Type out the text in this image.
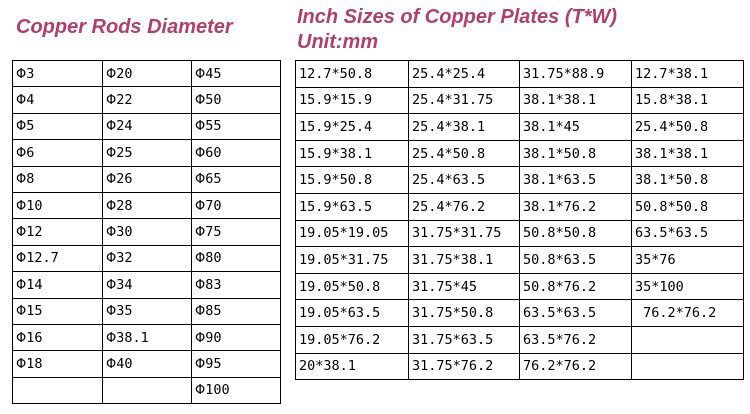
Copper Rods Diameter	Inch Sizes of Copper Plates (T*W)
Unit:mm
Φ3	Φ20	Φ45
Φ4	Φ22	Φ50
Φ5	Φ24	Φ55
Φ6	Φ25	Φ60
Φ8	Φ26	Φ65
Φ10	Φ28	Φ70
Φ12	Φ30	Φ75
Φ12.7	Φ32	Φ80
Φ14	Φ34	Φ83
Φ15	Φ35	Φ85
Φ16	Φ38.1	Φ90
Φ18	Φ40	Φ95
		Φ100
12.7*50.8	25.4*25.4	31.75*88.9	12.7*38.1
15.9*15.9	25.4*31.75	38.1*38.1	15.8*38.1
15.9*25.4	25.4*38.1	38.1*45	25.4*50.8
15.9*38.1	25.4*50.8	38.1*50.8	38.1*38.1
15.9*50.8	25.4*63.5	38.1*63.5	38.1*50.8
15.9*63.5	25.4*76.2	38.1*76.2	50.8*50.8
19.05*19.05	31.75*31.75	50.8*50.8	63.5*63.5
19.05*31.75	31.75*38.1	50.8*63.5	35*76
19.05*50.8	31.75*45	50.8*76.2	35*100
19.05*63.5	31.75*50.8	63.5*63.5	76.2*76.2
19.05*76.2	31.75*63.5	63.5*76.2	
20*38.1	31.75*76.2	76.2*76.2	
